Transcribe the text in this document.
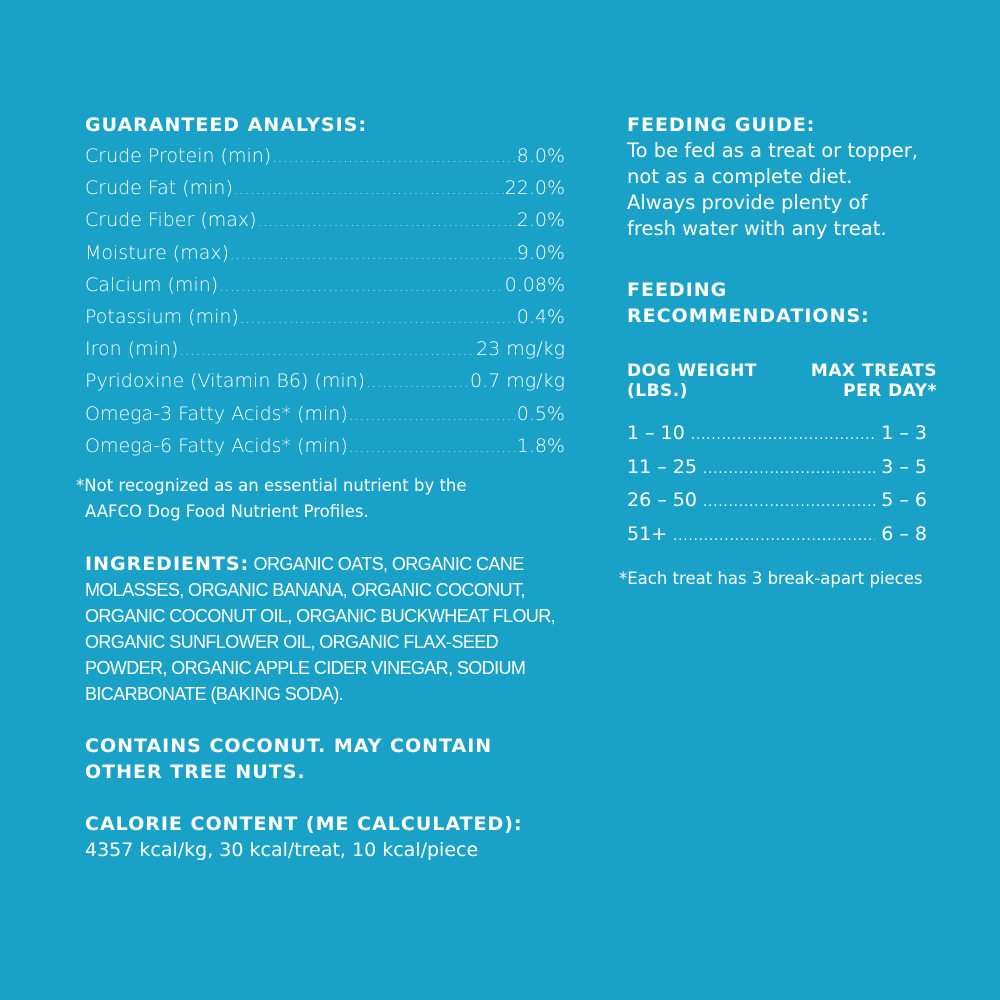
GUARANTEED ANALYSIS:
Crude Protein (min) .....	8.0%
Crude Fat (min) .....	22.0%
Crude Fiber (max) .....	2.0%
Moisture (max) .....	9.0%
Calcium (min) .....	0.08%
Potassium (min) .....	0.4%
Iron (min) .....	23 mg/kg
Pyridoxine (Vitamin B6) (min) .....	0.7 mg/kg
Omega-3 Fatty Acids* (min) .....	0.5%
Omega-6 Fatty Acids* (min) .....	1.8%
*Not recognized as an essential nutrient by the
AAFCO Dog Food Nutrient Profiles.
INGREDIENTS: ORGANIC OATS, ORGANIC CANE MOLASSES, ORGANIC BANANA, ORGANIC COCONUT, ORGANIC COCONUT OIL, ORGANIC BUCKWHEAT FLOUR, ORGANIC SUNFLOWER OIL, ORGANIC FLAX-SEED POWDER, ORGANIC APPLE CIDER VINEGAR, SODIUM BICARBONATE (BAKING SODA).
CONTAINS COCONUT. MAY CONTAIN
OTHER TREE NUTS.
CALORIE CONTENT (ME CALCULATED):
4357 kcal/kg, 30 kcal/treat, 10 kcal/piece
FEEDING GUIDE:
To be fed as a treat or topper,
not as a complete diet.
Always provide plenty of
fresh water with any treat.
FEEDING
RECOMMENDATIONS:
DOG WEIGHT
(LBS.)
MAX TREATS
PER DAY*
1 – 10 .....	1 – 3
11 – 25 .....	3 – 5
26 – 50 .....	5 – 6
51+ .....	6 – 8
*Each treat has 3 break-apart pieces
